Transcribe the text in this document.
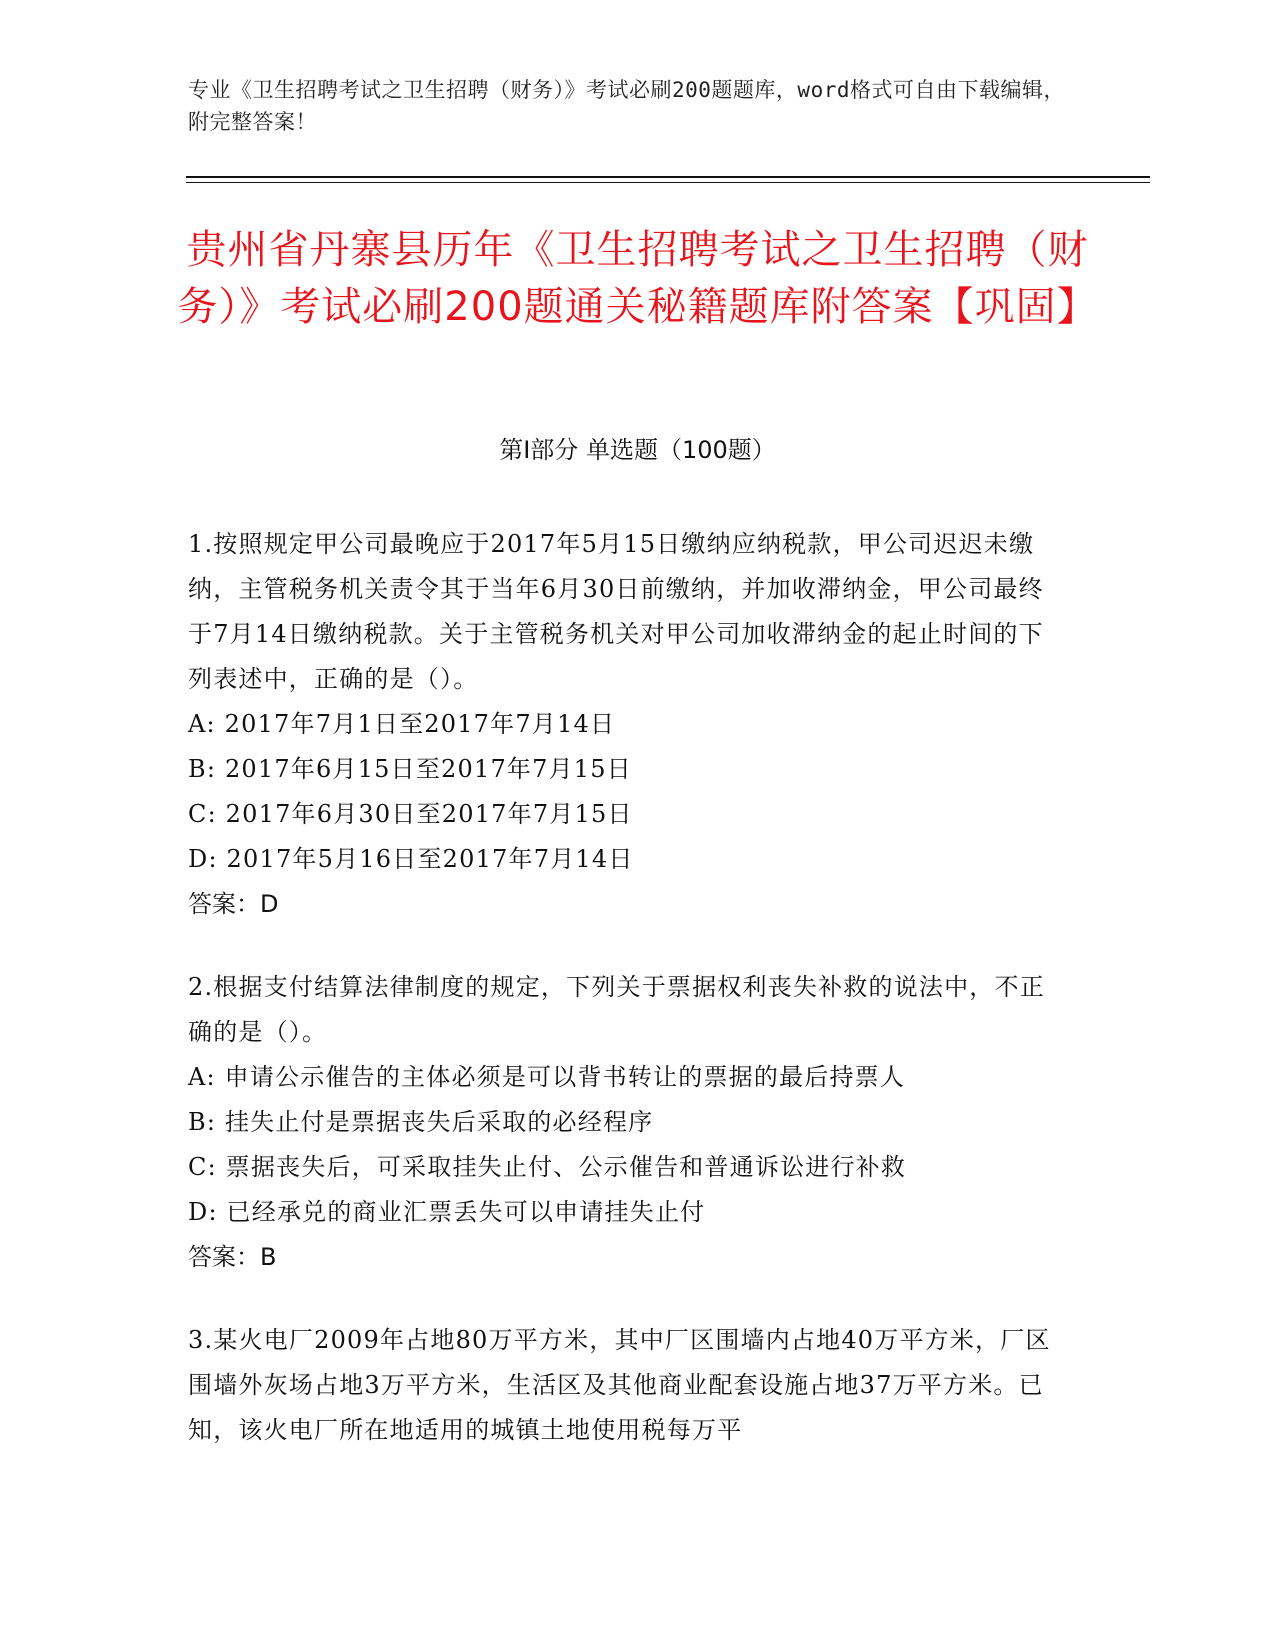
专业《卫生招聘考试之卫生招聘（财务）》考试必刷200题题库，word格式可自由下载编辑，附完整答案！
贵州省丹寨县历年《卫生招聘考试之卫生招聘（财务）》考试必刷200题通关秘籍题库附答案【巩固】
第Ⅰ部分 单选题（100题）
1.按照规定甲公司最晚应于2017年5月15日缴纳应纳税款，甲公司迟迟未缴纳，主管税务机关责令其于当年6月30日前缴纳，并加收滞纳金，甲公司最终于7月14日缴纳税款。关于主管税务机关对甲公司加收滞纳金的起止时间的下列表述中，正确的是（）。
A: 2017年7月1日至2017年7月14日
B: 2017年6月15日至2017年7月15日
C: 2017年6月30日至2017年7月15日
D: 2017年5月16日至2017年7月14日
答案：D
2.根据支付结算法律制度的规定，下列关于票据权利丧失补救的说法中，不正确的是（）。
A: 申请公示催告的主体必须是可以背书转让的票据的最后持票人
B: 挂失止付是票据丧失后采取的必经程序
C: 票据丧失后，可采取挂失止付、公示催告和普通诉讼进行补救
D: 已经承兑的商业汇票丢失可以申请挂失止付
答案：B
3.某火电厂2009年占地80万平方米，其中厂区围墙内占地40万平方米，厂区围墙外灰场占地3万平方米，生活区及其他商业配套设施占地37万平方米。已知，该火电厂所在地适用的城镇土地使用税每万平
